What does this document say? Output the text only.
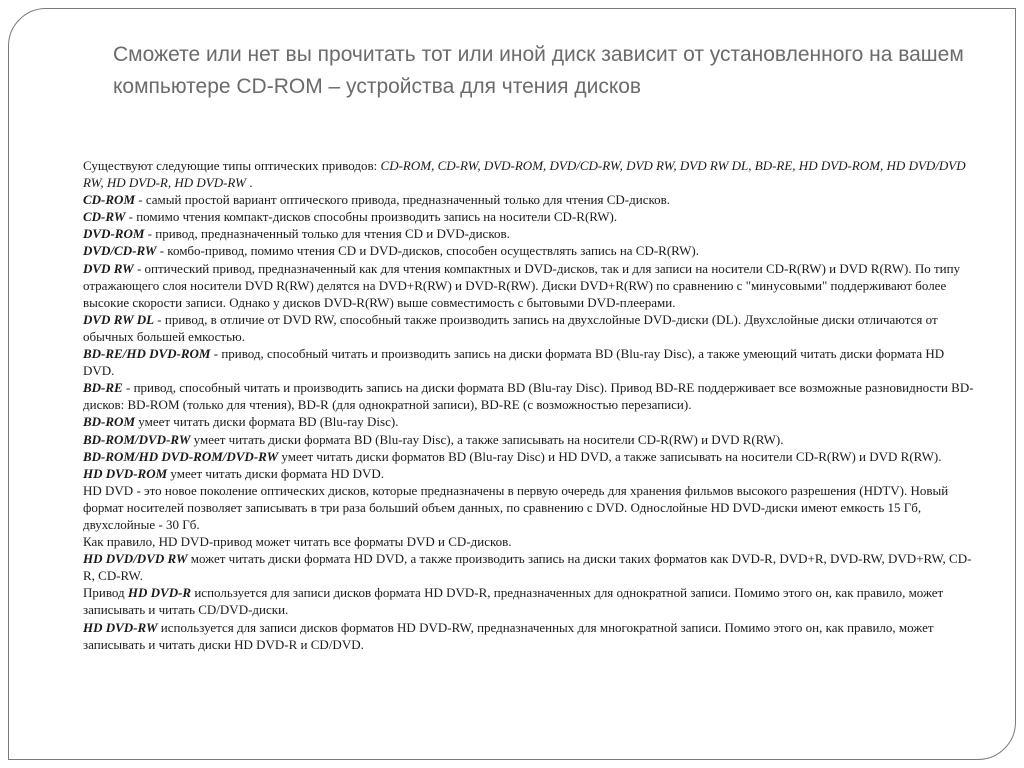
Сможете или нет вы прочитать тот или иной диск зависит от установленного на вашем компьютере CD-ROM – устройства для чтения дисков

Существуют следующие типы оптических приводов: CD-ROM, CD-RW, DVD-ROM, DVD/CD-RW, DVD RW, DVD RW DL, BD-RE, HD DVD-ROM, HD DVD/DVD RW, HD DVD-R, HD DVD-RW .

CD-ROM - самый простой вариант оптического привода, предназначенный только для чтения CD-дисков.

CD-RW - помимо чтения компакт-дисков способны производить запись на носители CD-R(RW).

DVD-ROM - привод, предназначенный только для чтения CD и DVD-дисков.

DVD/CD-RW - комбо-привод, помимо чтения CD и DVD-дисков, способен осуществлять запись на CD-R(RW).

DVD RW - оптический привод, предназначенный как для чтения компактных и DVD-дисков, так и для записи на носители CD-R(RW) и DVD R(RW). По типу отражающего слоя носители DVD R(RW) делятся на DVD+R(RW) и DVD-R(RW). Диски DVD+R(RW) по сравнению с "минусовыми" поддерживают более высокие скорости записи. Однако у дисков DVD-R(RW) выше совместимость с бытовыми DVD-плеерами.

DVD RW DL - привод, в отличие от DVD RW, способный также производить запись на двухслойные DVD-диски (DL). Двухслойные диски отличаются от обычных большей емкостью.

BD-RE/HD DVD-ROM - привод, способный читать и производить запись на диски формата BD (Blu-ray Disc), а также умеющий читать диски формата HD DVD.

BD-RE - привод, способный читать и производить запись на диски формата BD (Blu-ray Disc). Привод BD-RE поддерживает все возможные разновидности BD-дисков: BD-ROM (только для чтения), BD-R (для однократной записи), BD-RE (с возможностью перезаписи).

BD-ROM умеет читать диски формата BD (Blu-ray Disc).

BD-ROM/DVD-RW умеет читать диски формата BD (Blu-ray Disc), а также записывать на носители CD-R(RW) и DVD R(RW).

BD-ROM/HD DVD-ROM/DVD-RW умеет читать диски форматов BD (Blu-ray Disc) и HD DVD, а также записывать на носители CD-R(RW) и DVD R(RW).

HD DVD-ROM умеет читать диски формата HD DVD.

HD DVD - это новое поколение оптических дисков, которые предназначены в первую очередь для хранения фильмов высокого разрешения (HDTV). Новый формат носителей позволяет записывать в три раза больший объем данных, по сравнению с DVD. Однослойные HD DVD-диски имеют емкость 15 Гб, двухслойные - 30 Гб.

Как правило, HD DVD-привод может читать все форматы DVD и CD-дисков.

HD DVD/DVD RW может читать диски формата HD DVD, а также производить запись на диски таких форматов как DVD-R, DVD+R, DVD-RW, DVD+RW, CD-R, CD-RW.

Привод HD DVD-R используется для записи дисков формата HD DVD-R, предназначенных для однократной записи. Помимо этого он, как правило, может записывать и читать CD/DVD-диски.

HD DVD-RW используется для записи дисков форматов HD DVD-RW, предназначенных для многократной записи. Помимо этого он, как правило, может записывать и читать диски HD DVD-R и CD/DVD.
